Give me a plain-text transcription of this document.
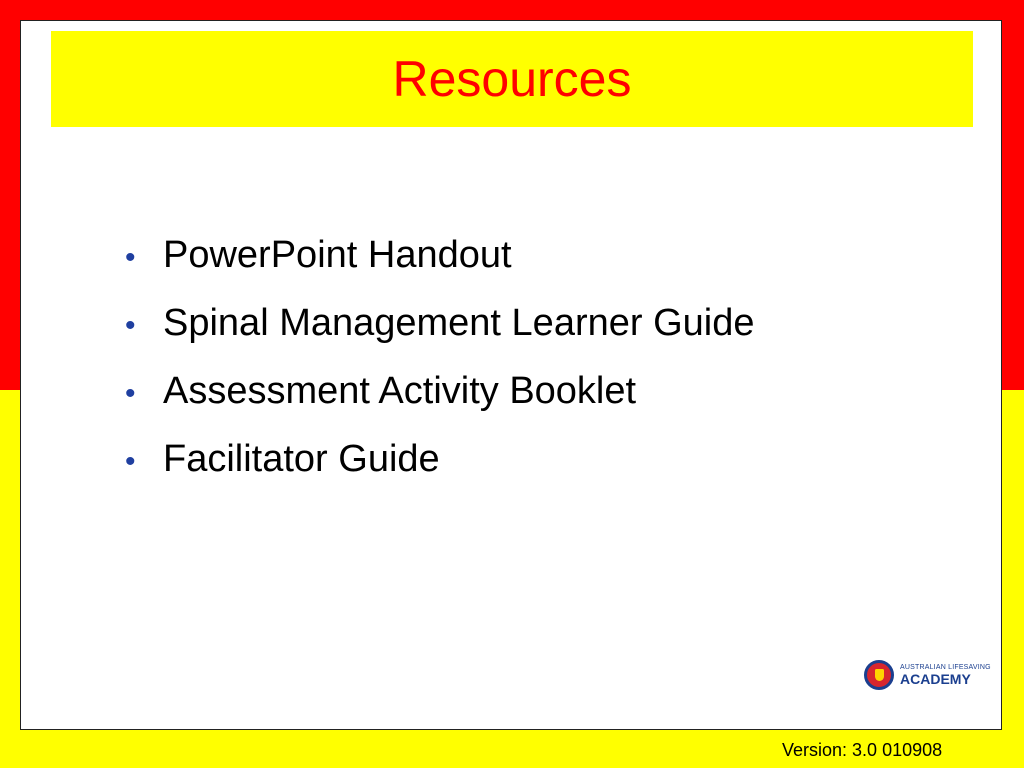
Resources
• PowerPoint Handout
• Spinal Management Learner Guide
• Assessment Activity Booklet
• Facilitator Guide
AUSTRALIAN LIFESAVING
ACADEMY
Version: 3.0 010908
